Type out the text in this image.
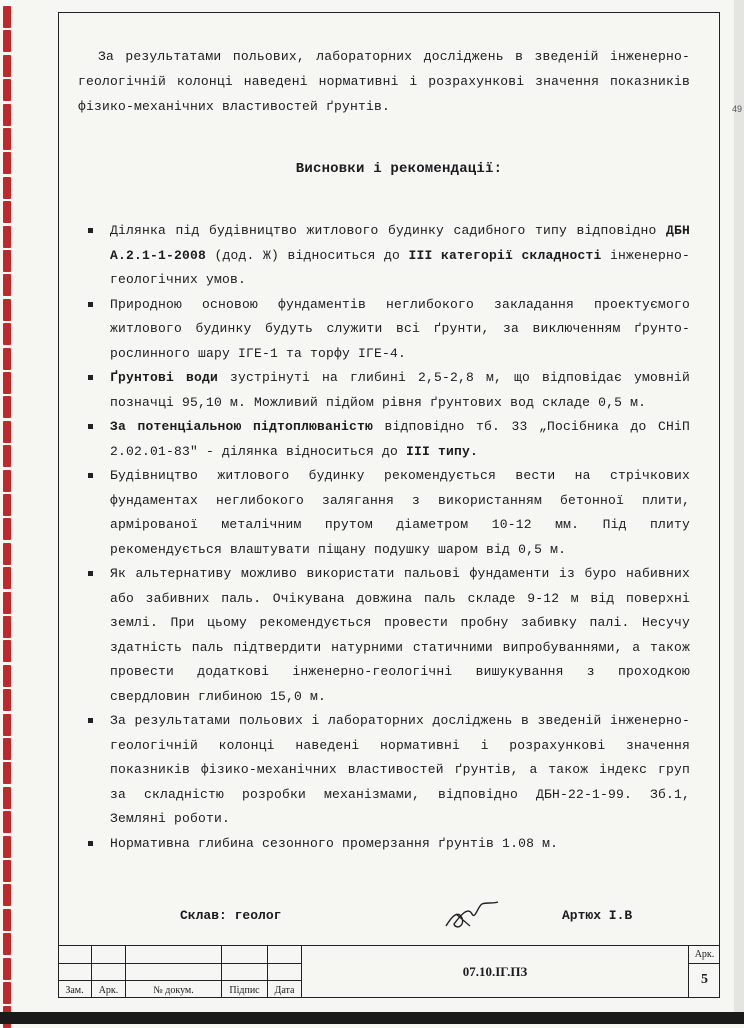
49

За результатами польових, лабораторних досліджень в зведеній інженерно-геологічній колонці наведені нормативні і розрахункові значення показників фізико-механічних властивостей ґрунтів.

Висновки і рекомендації:
Ділянка під будівництво житлового будинку садибного типу відповідно ДБН А.2.1-1-2008 (дод. Ж) відноситься до ІІІ категорії складності інженерно-геологічних умов.
Природною основою фундаментів неглибокого закладання проектуємого житлового будинку будуть служити всі ґрунти, за виключенням ґрунто-рослинного шару ІГЕ-1 та торфу ІГЕ-4.
Ґрунтові води зустрінуті на глибині 2,5-2,8 м, що відповідає умовній позначці 95,10 м. Можливий підйом рівня ґрунтових вод складе 0,5 м.
За потенціальною підтоплюваністю відповідно тб. 33 „Посібника до СНіП 2.02.01-83" - ділянка відноситься до ІІІ типу.
Будівництво житлового будинку рекомендується вести на стрічкових фундаментах неглибокого залягання з використанням бетонної плити, армірованої металічним прутом діаметром 10-12 мм. Під плиту рекомендується влаштувати піщану подушку шаром від 0,5 м.
Як альтернативу можливо використати пальові фундаменти із буро набивних або забивних паль. Очікувана довжина паль складе 9-12 м від поверхні землі. При цьому рекомендується провести пробну забивку палі. Несучу здатність паль підтвердити натурними статичними випробуваннями, а також провести додаткові інженерно-геологічні вишукування з проходкою свердловин глибиною 15,0 м.
За результатами польових і лабораторних досліджень в зведеній інженерно-геологічній колонці наведені нормативні і розрахункові значення показників фізико-механічних властивостей ґрунтів, а також індекс груп за складністю розробки механізмами, відповідно ДБН-22-1-99. Зб.1, Земляні роботи.
Нормативна глибина сезонного промерзання ґрунтів 1.08 м.
Склав: геолог	Артюх І.В
Зам.	Арк.	№ докум.	Підпис	Дата
07.10.ІГ.ПЗ
Арк.
5
